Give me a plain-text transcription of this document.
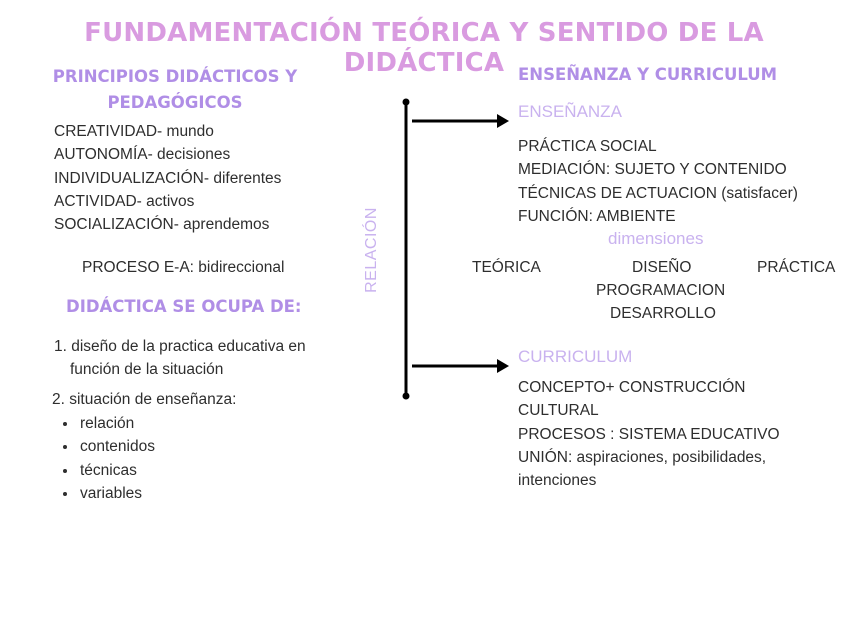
FUNDAMENTACIÓN TEÓRICA Y SENTIDO DE LA DIDÁCTICA
PRINCIPIOS DIDÁCTICOS Y
PEDAGÓGICOS
CREATIVIDAD- mundo
AUTONOMÍA- decisiones
INDIVIDUALIZACIÓN- diferentes
ACTIVIDAD- activos
SOCIALIZACIÓN- aprendemos
PROCESO E-A: bidireccional
DIDÁCTICA SE OCUPA DE:
1. diseño de la practica educativa en
función de la situación
2. situación de enseñanza:
• relación
• contenidos
• técnicas
• variables
RELACIÓN
ENSEÑANZA Y CURRICULUM
ENSEÑANZA
PRÁCTICA SOCIAL
MEDIACIÓN: SUJETO Y CONTENIDO
TÉCNICAS DE ACTUACION (satisfacer)
FUNCIÓN: AMBIENTE
dimensiones
TEÓRICA	DISEÑO	PRÁCTICA
PROGRAMACION
DESARROLLO
CURRICULUM
CONCEPTO+ CONSTRUCCIÓN
CULTURAL
PROCESOS : SISTEMA EDUCATIVO
UNIÓN: aspiraciones, posibilidades,
intenciones
